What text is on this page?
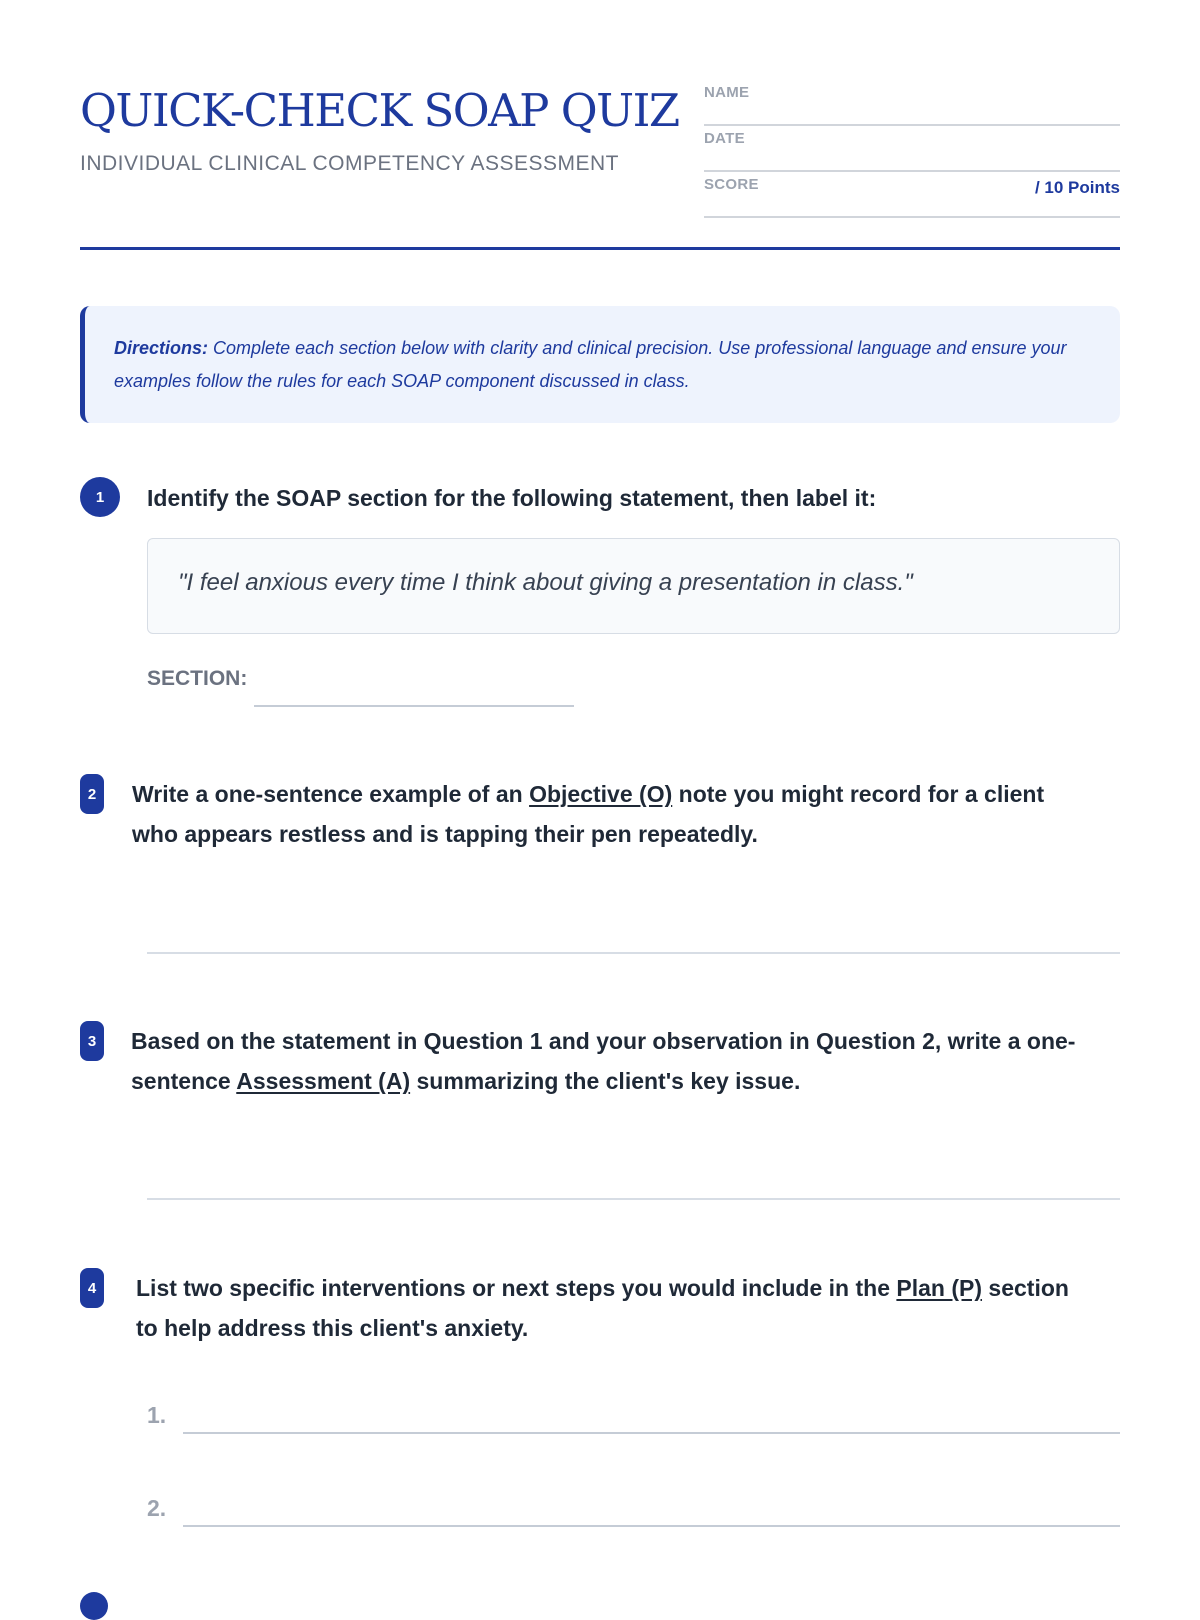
QUICK-CHECK SOAP QUIZ
INDIVIDUAL CLINICAL COMPETENCY ASSESSMENT
NAME
DATE
SCORE	/ 10 Points
Directions: Complete each section below with clarity and clinical precision. Use professional language and ensure your examples follow the rules for each SOAP component discussed in class.
1	Identify the SOAP section for the following statement, then label it:
"I feel anxious every time I think about giving a presentation in class."
SECTION:
2	Write a one-sentence example of an Objective (O) note you might record for a client who appears restless and is tapping their pen repeatedly.
3	Based on the statement in Question 1 and your observation in Question 2, write a one-sentence Assessment (A) summarizing the client's key issue.
4	List two specific interventions or next steps you would include in the Plan (P) section to help address this client's anxiety.
1.
2.
